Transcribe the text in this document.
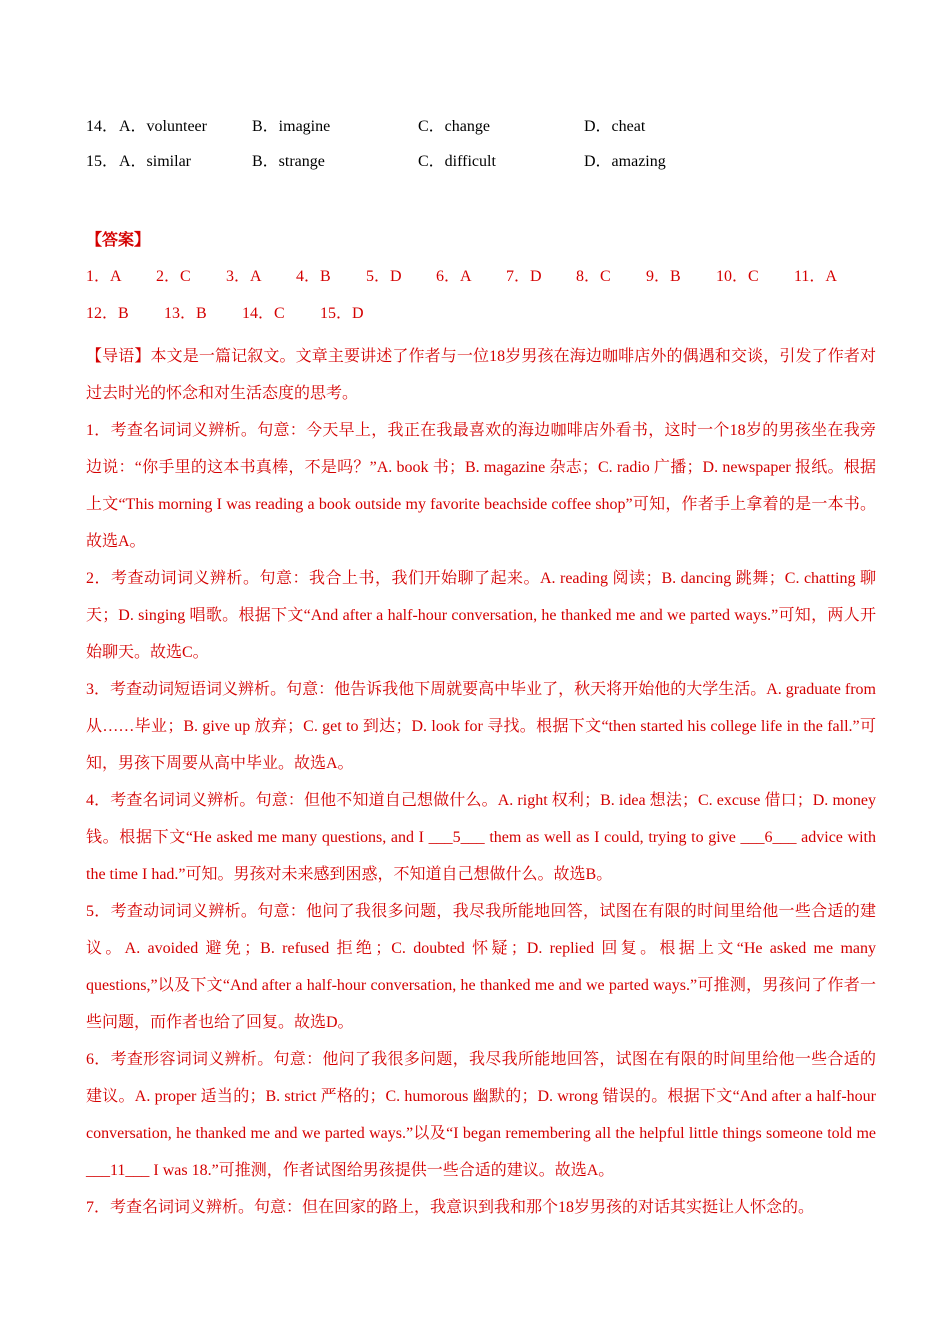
14． A．volunteer	B．imagine	C．change	D．cheat
15． A．similar	B．strange	C．difficult	D．amazing
【答案】
1．A 2．C 3．A 4．B 5．D 6．A 7．D 8．C 9．B 10．C 11．A
12．B 13．B 14．C 15．D

【导语】本文是一篇记叙文。文章主要讲述了作者与一位18岁男孩在海边咖啡店外的偶遇和交谈，引发了作者对过去时光的怀念和对生活态度的思考。

1．考查名词词义辨析。句意：今天早上，我正在我最喜欢的海边咖啡店外看书，这时一个18岁的男孩坐在我旁边说：“你手里的这本书真棒，不是吗？”A. book 书；B. magazine 杂志；C. radio 广播；D. newspaper 报纸。根据上文“This morning I was reading a book outside my favorite beachside coffee shop”可知，作者手上拿着的是一本书。故选A。

2．考查动词词义辨析。句意：我合上书，我们开始聊了起来。A. reading 阅读；B. dancing 跳舞；C. chatting 聊天；D. singing 唱歌。根据下文“And after a half-hour conversation, he thanked me and we parted ways.”可知，两人开始聊天。故选C。

3．考查动词短语词义辨析。句意：他告诉我他下周就要高中毕业了，秋天将开始他的大学生活。A. graduate from 从……毕业；B. give up 放弃；C. get to 到达；D. look for 寻找。根据下文“then started his college life in the fall.”可知，男孩下周要从高中毕业。故选A。

4．考查名词词义辨析。句意：但他不知道自己想做什么。A. right 权利；B. idea 想法；C. excuse 借口；D. money 钱。根据下文“He asked me many questions, and I ___5___ them as well as I could, trying to give ___6___ advice with the time I had.”可知。男孩对未来感到困惑，不知道自己想做什么。故选B。

5．考查动词词义辨析。句意：他问了我很多问题，我尽我所能地回答，试图在有限的时间里给他一些合适的建议。A. avoided 避免；B. refused 拒绝；C. doubted 怀疑；D. replied 回复。根据上文“He asked me many questions,”以及下文“And after a half-hour conversation, he thanked me and we parted ways.”可推测，男孩问了作者一些问题，而作者也给了回复。故选D。

6．考查形容词词义辨析。句意：他问了我很多问题，我尽我所能地回答，试图在有限的时间里给他一些合适的建议。A. proper 适当的；B. strict 严格的；C. humorous 幽默的；D. wrong 错误的。根据下文“And after a half-hour conversation, he thanked me and we parted ways.”以及“I began remembering all the helpful little things someone told me ___11___ I was 18.”可推测，作者试图给男孩提供一些合适的建议。故选A。

7．考查名词词义辨析。句意：但在回家的路上，我意识到我和那个18岁男孩的对话其实挺让人怀念的。
